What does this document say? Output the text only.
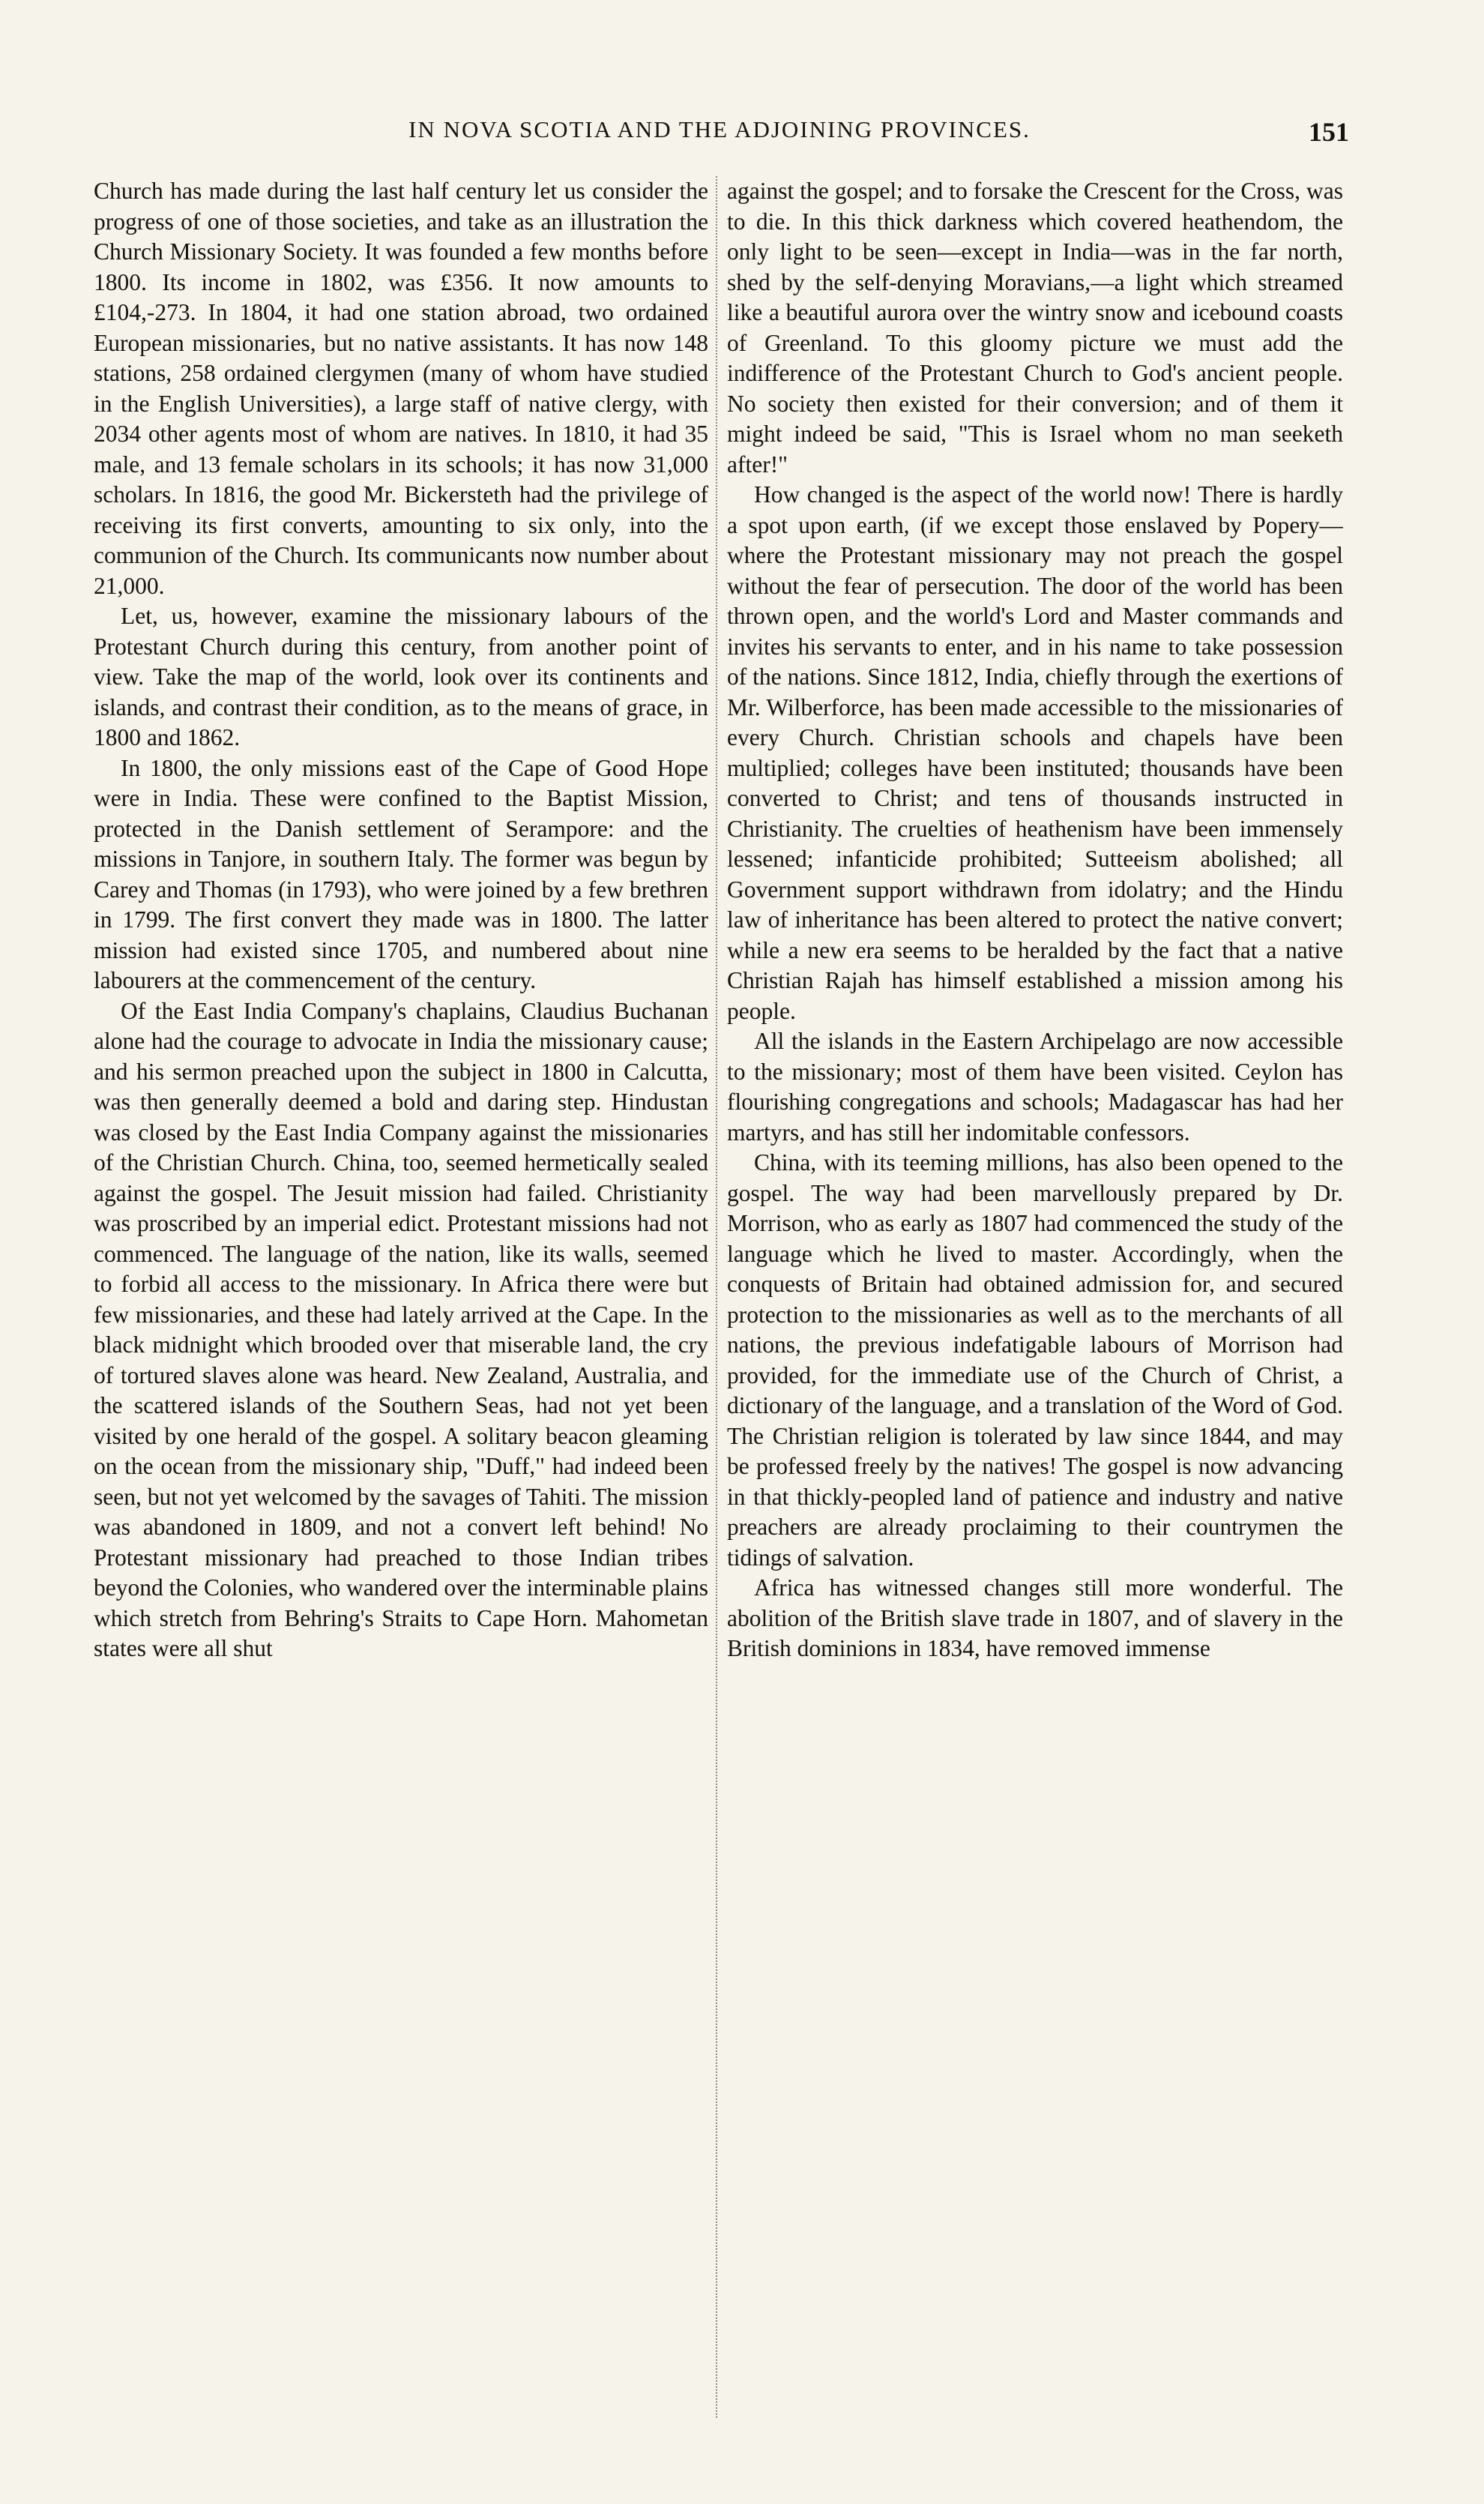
IN NOVA SCOTIA AND THE ADJOINING PROVINCES.	151

Church has made during the last half century let us consider the progress of one of those societies, and take as an illustration the Church Missionary Society. It was founded a few months before 1800. Its income in 1802, was £356. It now amounts to £104,-273. In 1804, it had one station abroad, two ordained European missionaries, but no native assistants. It has now 148 stations, 258 ordained clergymen (many of whom have studied in the English Universities), a large staff of native clergy, with 2034 other agents most of whom are natives. In 1810, it had 35 male, and 13 female scholars in its schools; it has now 31,000 scholars. In 1816, the good Mr. Bickersteth had the privilege of receiving its first converts, amounting to six only, into the communion of the Church. Its communicants now number about 21,000.

Let, us, however, examine the missionary labours of the Protestant Church during this century, from another point of view. Take the map of the world, look over its continents and islands, and contrast their condition, as to the means of grace, in 1800 and 1862.

In 1800, the only missions east of the Cape of Good Hope were in India. These were confined to the Baptist Mission, protected in the Danish settlement of Serampore: and the missions in Tanjore, in southern Italy. The former was begun by Carey and Thomas (in 1793), who were joined by a few brethren in 1799. The first convert they made was in 1800. The latter mission had existed since 1705, and numbered about nine labourers at the commencement of the century.

Of the East India Company's chaplains, Claudius Buchanan alone had the courage to advocate in India the missionary cause; and his sermon preached upon the subject in 1800 in Calcutta, was then generally deemed a bold and daring step. Hindustan was closed by the East India Company against the missionaries of the Christian Church. China, too, seemed hermetically sealed against the gospel. The Jesuit mission had failed. Christianity was proscribed by an imperial edict. Protestant missions had not commenced. The language of the nation, like its walls, seemed to forbid all access to the missionary. In Africa there were but few missionaries, and these had lately arrived at the Cape. In the black midnight which brooded over that miserable land, the cry of tortured slaves alone was heard. New Zealand, Australia, and the scattered islands of the Southern Seas, had not yet been visited by one herald of the gospel. A solitary beacon gleaming on the ocean from the missionary ship, "Duff," had indeed been seen, but not yet welcomed by the savages of Tahiti. The mission was abandoned in 1809, and not a convert left behind! No Protestant missionary had preached to those Indian tribes beyond the Colonies, who wandered over the interminable plains which stretch from Behring's Straits to Cape Horn. Mahometan states were all shut

against the gospel; and to forsake the Crescent for the Cross, was to die. In this thick darkness which covered heathendom, the only light to be seen—except in India—was in the far north, shed by the self-denying Moravians,—a light which streamed like a beautiful aurora over the wintry snow and icebound coasts of Greenland. To this gloomy picture we must add the indifference of the Protestant Church to God's ancient people. No society then existed for their conversion; and of them it might indeed be said, "This is Israel whom no man seeketh after!"

How changed is the aspect of the world now! There is hardly a spot upon earth, (if we except those enslaved by Popery—where the Protestant missionary may not preach the gospel without the fear of persecution. The door of the world has been thrown open, and the world's Lord and Master commands and invites his servants to enter, and in his name to take possession of the nations. Since 1812, India, chiefly through the exertions of Mr. Wilberforce, has been made accessible to the missionaries of every Church. Christian schools and chapels have been multiplied; colleges have been instituted; thousands have been converted to Christ; and tens of thousands instructed in Christianity. The cruelties of heathenism have been immensely lessened; infanticide prohibited; Sutteeism abolished; all Government support withdrawn from idolatry; and the Hindu law of inheritance has been altered to protect the native convert; while a new era seems to be heralded by the fact that a native Christian Rajah has himself established a mission among his people.

All the islands in the Eastern Archipelago are now accessible to the missionary; most of them have been visited. Ceylon has flourishing congregations and schools; Madagascar has had her martyrs, and has still her indomitable confessors.

China, with its teeming millions, has also been opened to the gospel. The way had been marvellously prepared by Dr. Morrison, who as early as 1807 had commenced the study of the language which he lived to master. Accordingly, when the conquests of Britain had obtained admission for, and secured protection to the missionaries as well as to the merchants of all nations, the previous indefatigable labours of Morrison had provided, for the immediate use of the Church of Christ, a dictionary of the language, and a translation of the Word of God. The Christian religion is tolerated by law since 1844, and may be professed freely by the natives! The gospel is now advancing in that thickly-peopled land of patience and industry and native preachers are already proclaiming to their countrymen the tidings of salvation.

Africa has witnessed changes still more wonderful. The abolition of the British slave trade in 1807, and of slavery in the British dominions in 1834, have removed immense
